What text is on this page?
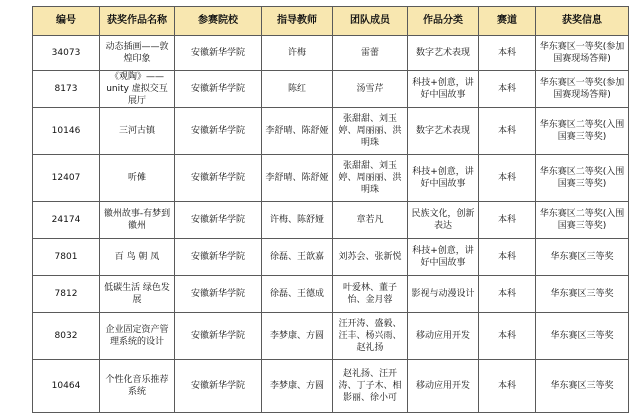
编号	获奖作品名称	参赛院校	指导教师	团队成员	作品分类	赛道	获奖信息
34073	动态插画——敦煌印象	安徽新华学院	许梅	雷蕾	数字艺术表现	本科	华东赛区一等奖(参加国赛现场答辩)
8173	《观陶》——unity 虚拟交互展厅	安徽新华学院	陈红	汤雪芹	科技+创意，讲好中国故事	本科	华东赛区一等奖(参加国赛现场答辩)
10146	三河古镇	安徽新华学院	李舒晴、陈舒娅	张甜甜、刘玉婷、周丽丽、洪明珠	数字艺术表现	本科	华东赛区二等奖(入围国赛三等奖)
12407	听傩	安徽新华学院	李舒晴、陈舒娅	张甜甜、刘玉婷、周丽丽、洪明珠	科技+创意，讲好中国故事	本科	华东赛区二等奖(入围国赛三等奖)
24174	徽州故事-有梦到徽州	安徽新华学院	许梅、陈舒娅	章若凡	民族文化，创新表达	本科	华东赛区二等奖(入围国赛三等奖)
7801	百 鸟 朝 凤	安徽新华学院	徐磊、王歆嘉	刘苏会、张新悦	科技+创意，讲好中国故事	本科	华东赛区三等奖
7812	低碳生活 绿色发展	安徽新华学院	徐磊、王德成	叶爱林、董子怡、金月蓉	影视与动漫设计	本科	华东赛区三等奖
8032	企业固定资产管理系统的设计	安徽新华学院	李梦康、方圆	汪开涛、盛毅、汪丰、杨兴雨、赵礼扬	移动应用开发	本科	华东赛区三等奖
10464	个性化音乐推荐系统	安徽新华学院	李梦康、方圆	赵礼扬、汪开涛、丁子木、相影丽、徐小可	移动应用开发	本科	华东赛区三等奖
